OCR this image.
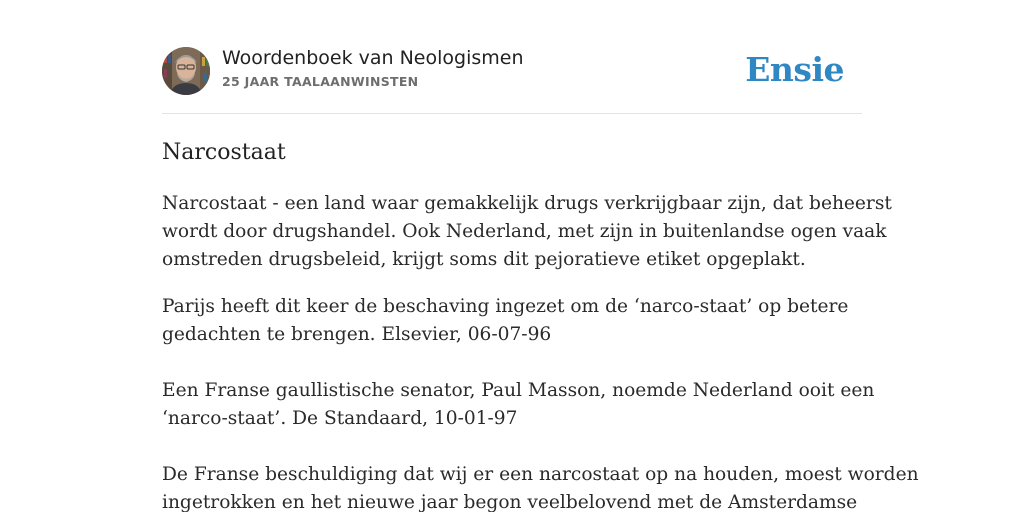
Woordenboek van Neologismen
25 JAAR TAALAANWINSTEN	Ensie
Narcostaat
Narcostaat - een land waar gemakkelijk drugs verkrijgbaar zijn, dat beheerst
wordt door drugshandel. Ook Nederland, met zijn in buitenlandse ogen vaak
omstreden drugsbeleid, krijgt soms dit pejoratieve etiket opgeplakt.
Parijs heeft dit keer de beschaving ingezet om de ‘narco-staat’ op betere
gedachten te brengen. Elsevier, 06-07-96
Een Franse gaullistische senator, Paul Masson, noemde Nederland ooit een
‘narco-staat’. De Standaard, 10-01-97
De Franse beschuldiging dat wij er een narcostaat op na houden, moest worden
ingetrokken en het nieuwe jaar begon veelbelovend met de Amsterdamse
